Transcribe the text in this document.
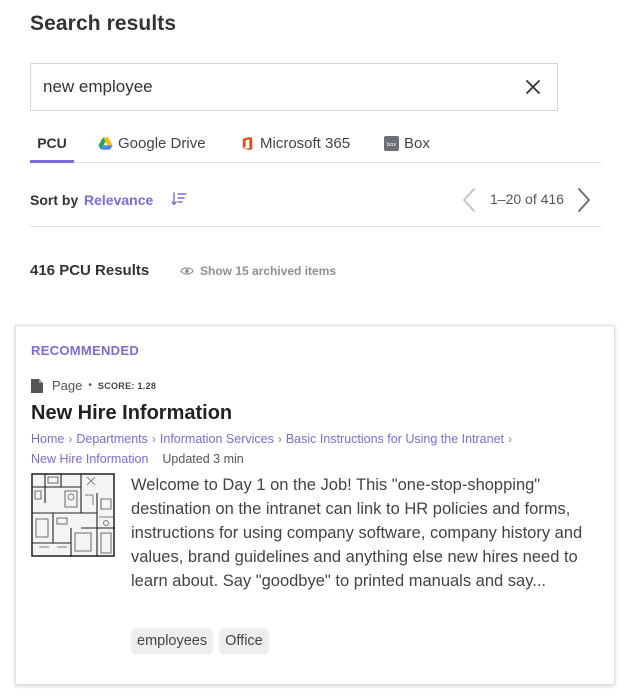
Search results
new employee
PCU	Google Drive	Microsoft 365	box Box
Sort by Relevance	1–20 of 416
416 PCU Results	Show 15 archived items
RECOMMENDED
Page • SCORE: 1.28
New Hire Information
Home › Departments › Information Services › Basic Instructions for Using the Intranet ›
New Hire Information Updated 3 min
Welcome to Day 1 on the Job! This "one-stop-shopping" destination on the intranet can link to HR policies and forms, instructions for using company software, company history and values, brand guidelines and anything else new hires need to learn about. Say "goodbye" to printed manuals and say...
employees	Office
